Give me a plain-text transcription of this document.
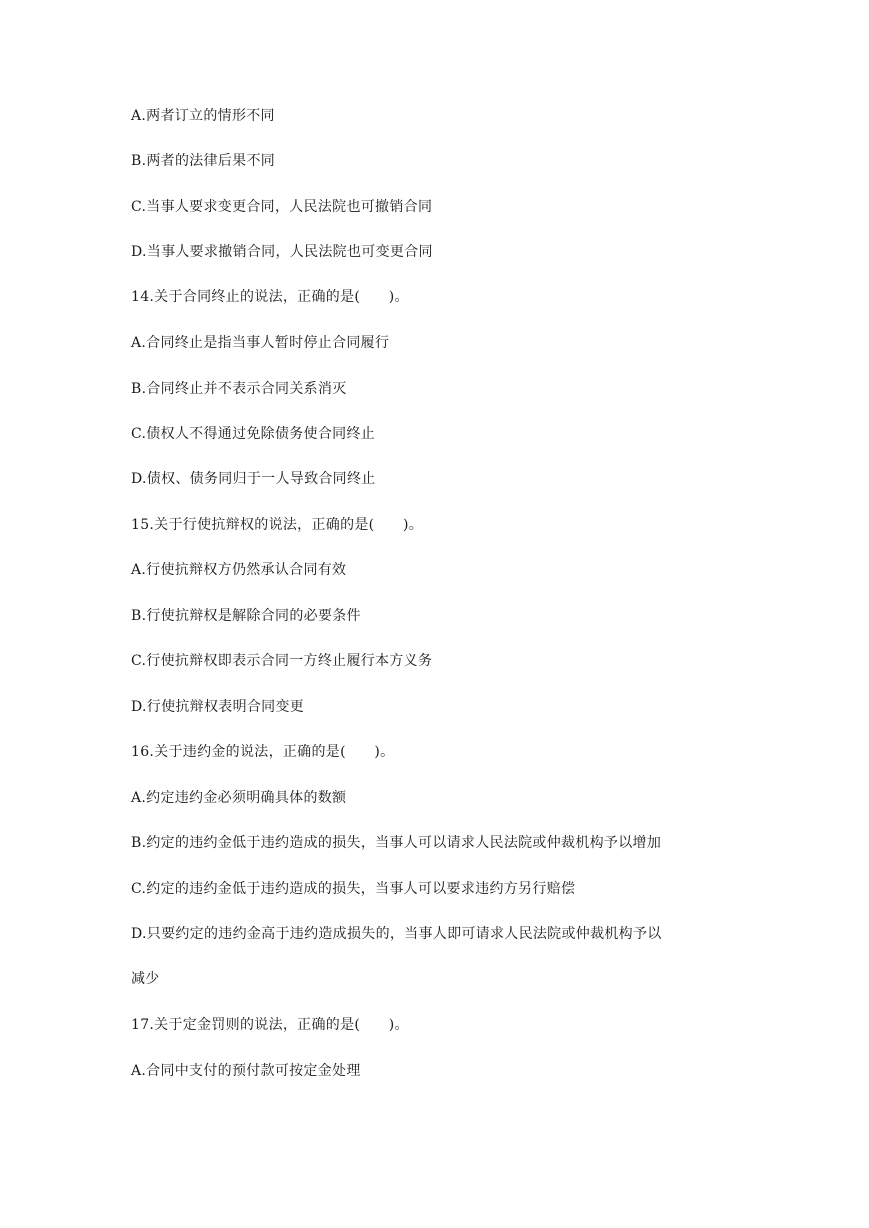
A.两者订立的情形不同
B.两者的法律后果不同
C.当事人要求变更合同，人民法院也可撤销合同
D.当事人要求撤销合同，人民法院也可变更合同
14.关于合同终止的说法，正确的是(　　)。
A.合同终止是指当事人暂时停止合同履行
B.合同终止并不表示合同关系消灭
C.债权人不得通过免除债务使合同终止
D.债权、债务同归于一人导致合同终止
15.关于行使抗辩权的说法，正确的是(　　)。
A.行使抗辩权方仍然承认合同有效
B.行使抗辩权是解除合同的必要条件
C.行使抗辩权即表示合同一方终止履行本方义务
D.行使抗辩权表明合同变更
16.关于违约金的说法，正确的是(　　)。
A.约定违约金必须明确具体的数额
B.约定的违约金低于违约造成的损失，当事人可以请求人民法院或仲裁机构予以增加
C.约定的违约金低于违约造成的损失，当事人可以要求违约方另行赔偿
D.只要约定的违约金高于违约造成损失的，当事人即可请求人民法院或仲裁机构予以
减少
17.关于定金罚则的说法，正确的是(　　)。
A.合同中支付的预付款可按定金处理
